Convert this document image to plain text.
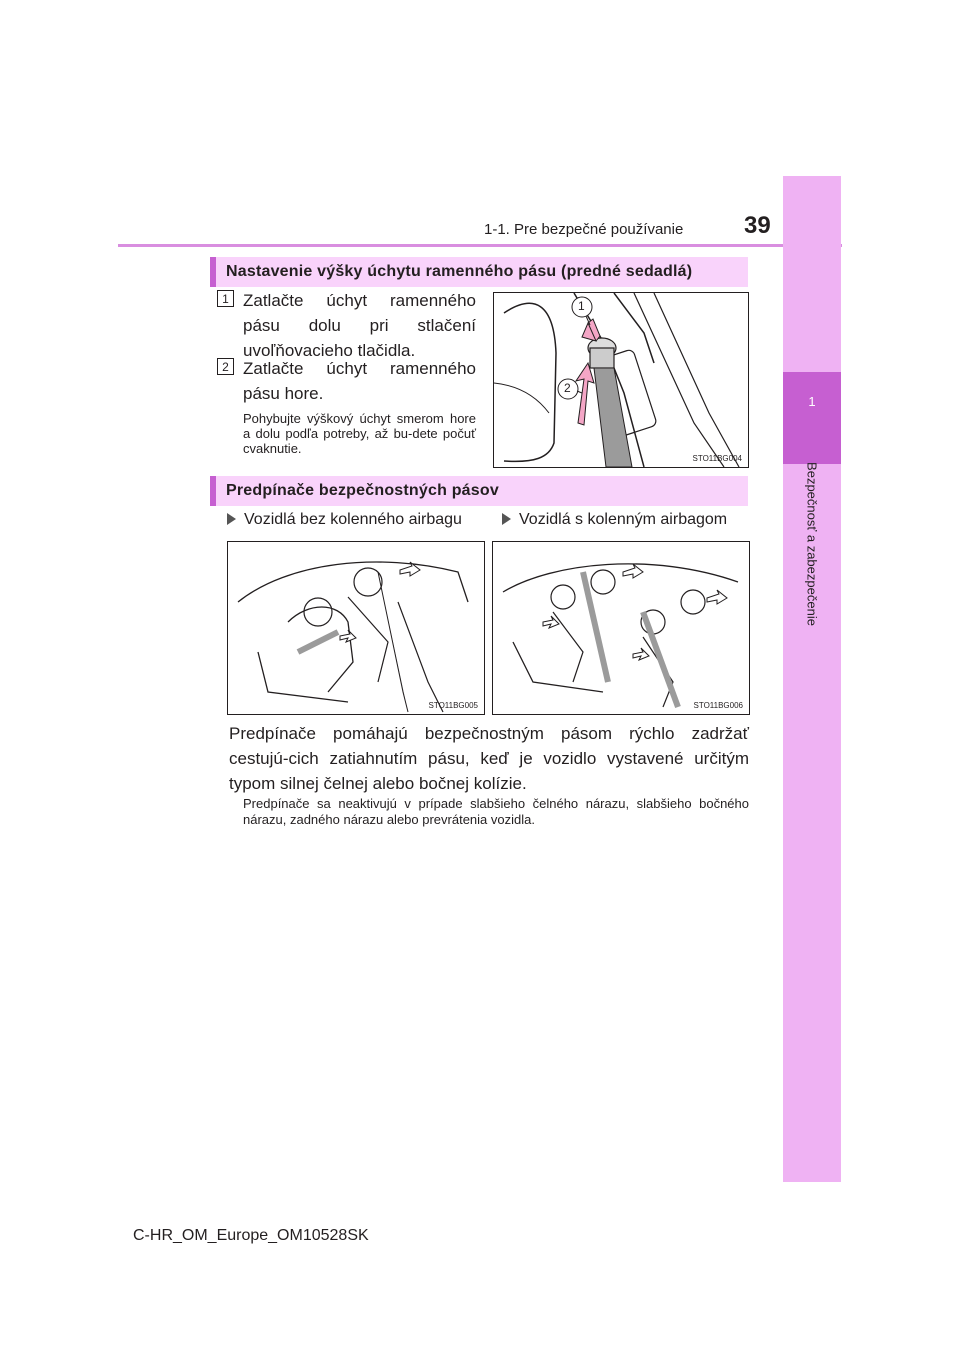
1-1. Pre bezpečné používanie	39
1
Bezpečnosť a zabezpečenie
Nastavenie výšky úchytu ramenného pásu (predné sedadlá)
1 Zatlačte úchyt ramenného pásu dolu pri stlačení uvoľňovacieho tlačidla.
2 Zatlačte úchyt ramenného pásu hore.
Pohybujte výškový úchyt smerom hore a dolu podľa potreby, až bu-dete počuť cvaknutie.
1
2
STO11BG004
Predpínače bezpečnostných pásov
Vozidlá bez kolenného airbagu	Vozidlá s kolenným airbagom
STO11BG005	STO11BG006
Predpínače pomáhajú bezpečnostným pásom rýchlo zadržať cestujú-cich zatiahnutím pásu, keď je vozidlo vystavené určitým typom silnej čelnej alebo bočnej kolízie.
Predpínače sa neaktivujú v prípade slabšieho čelného nárazu, slabšieho bočného nárazu, zadného nárazu alebo prevrátenia vozidla.
C-HR_OM_Europe_OM10528SK
